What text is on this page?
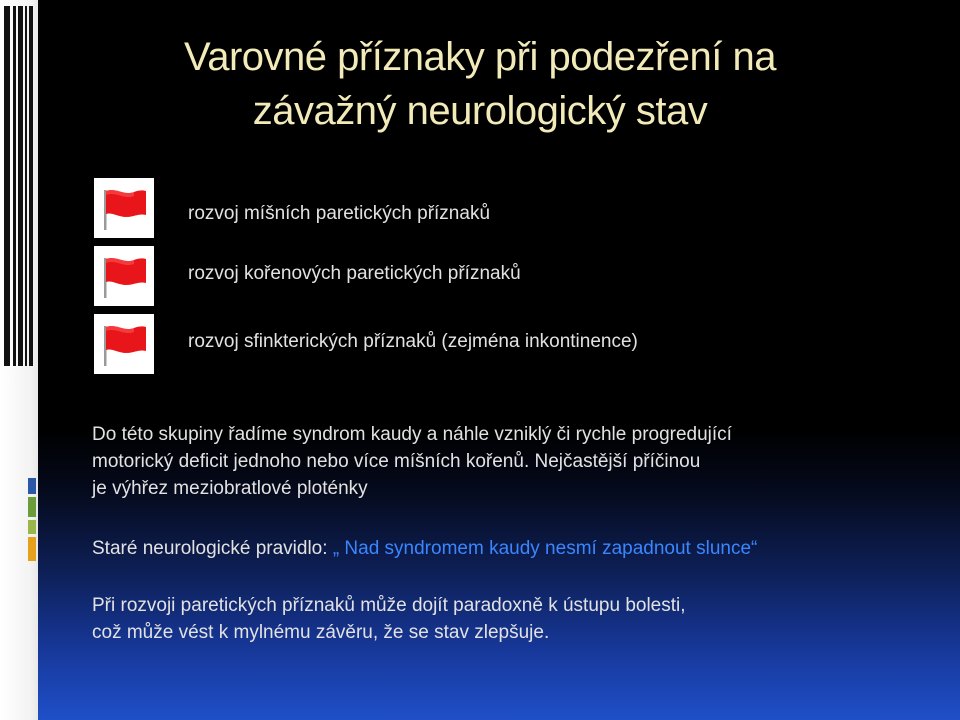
Varovné příznaky při podezření na
závažný neurologický stav
rozvoj míšních paretických příznaků
rozvoj kořenových paretických příznaků
rozvoj sfinkterických příznaků (zejména inkontinence)
Do této skupiny řadíme syndrom kaudy a náhle vzniklý či rychle progredující
motorický deficit jednoho nebo více míšních kořenů. Nejčastější příčinou
je výhřez meziobratlové ploténky
Staré neurologické pravidlo: „ Nad syndromem kaudy nesmí zapadnout slunce“
Při rozvoji paretických příznaků může dojít paradoxně k ústupu bolesti,
což může vést k mylnému závěru, že se stav zlepšuje.
